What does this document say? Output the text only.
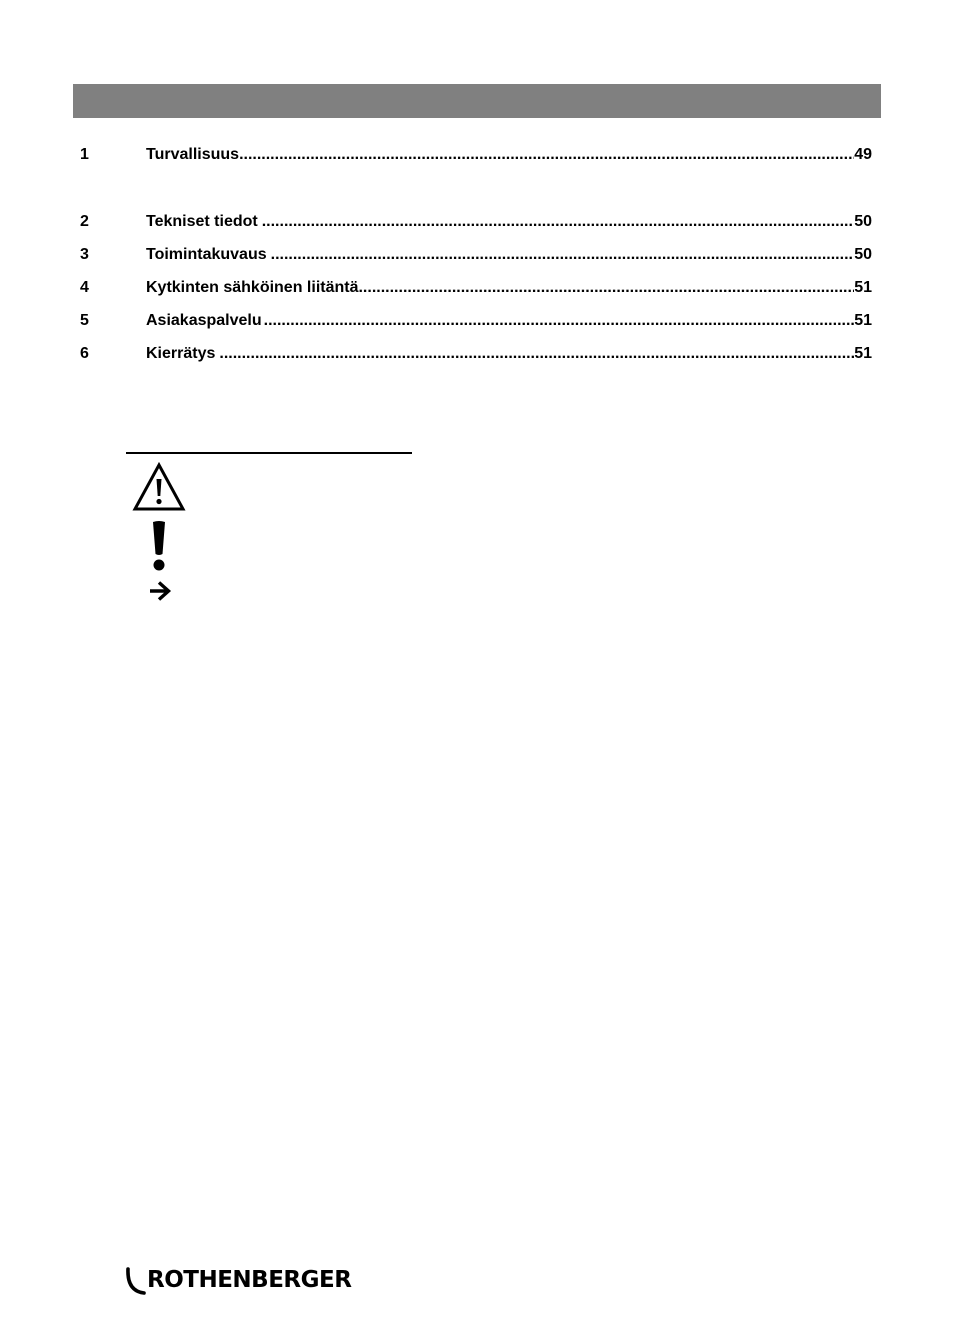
1	Turvallisuus .....	49
2	Tekniset tiedot .....	50
3	Toimintakuvaus .....	50
4	Kytkinten sähköinen liitäntä .....	51
5	Asiakaspalvelu .....	51
6	Kierrätys .....	51
ROTHENBERGER
